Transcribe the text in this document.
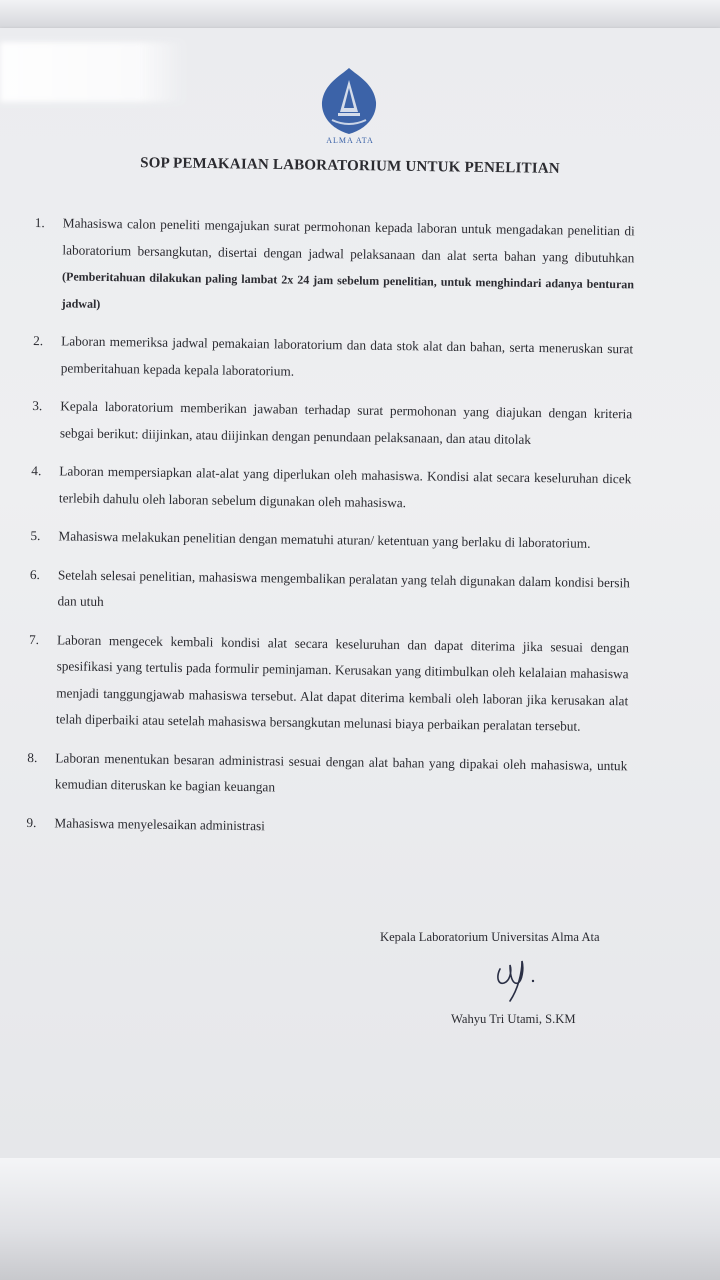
ALMA ATA
SOP PEMAKAIAN LABORATORIUM UNTUK PENELITIAN
1. Mahasiswa calon peneliti mengajukan surat permohonan kepada laboran untuk mengadakan penelitian di laboratorium bersangkutan, disertai dengan jadwal pelaksanaan dan alat serta bahan yang dibutuhkan (Pemberitahuan dilakukan paling lambat 2x 24 jam sebelum penelitian, untuk menghindari adanya benturan jadwal)
2. Laboran memeriksa jadwal pemakaian laboratorium dan data stok alat dan bahan, serta meneruskan surat pemberitahuan kepada kepala laboratorium.
3. Kepala laboratorium memberikan jawaban terhadap surat permohonan yang diajukan dengan kriteria sebgai berikut: diijinkan, atau diijinkan dengan penundaan pelaksanaan, dan atau ditolak
4. Laboran mempersiapkan alat-alat yang diperlukan oleh mahasiswa. Kondisi alat secara keseluruhan dicek terlebih dahulu oleh laboran sebelum digunakan oleh mahasiswa.
5. Mahasiswa melakukan penelitian dengan mematuhi aturan/ ketentuan yang berlaku di laboratorium.
6. Setelah selesai penelitian, mahasiswa mengembalikan peralatan yang telah digunakan dalam kondisi bersih dan utuh
7. Laboran mengecek kembali kondisi alat secara keseluruhan dan dapat diterima jika sesuai dengan spesifikasi yang tertulis pada formulir peminjaman. Kerusakan yang ditimbulkan oleh kelalaian mahasiswa menjadi tanggungjawab mahasiswa tersebut. Alat dapat diterima kembali oleh laboran jika kerusakan alat telah diperbaiki atau setelah mahasiswa bersangkutan melunasi biaya perbaikan peralatan tersebut.
8. Laboran menentukan besaran administrasi sesuai dengan alat bahan yang dipakai oleh mahasiswa, untuk kemudian diteruskan ke bagian keuangan
9. Mahasiswa menyelesaikan administrasi
Kepala Laboratorium Universitas Alma Ata
Wahyu Tri Utami, S.KM
